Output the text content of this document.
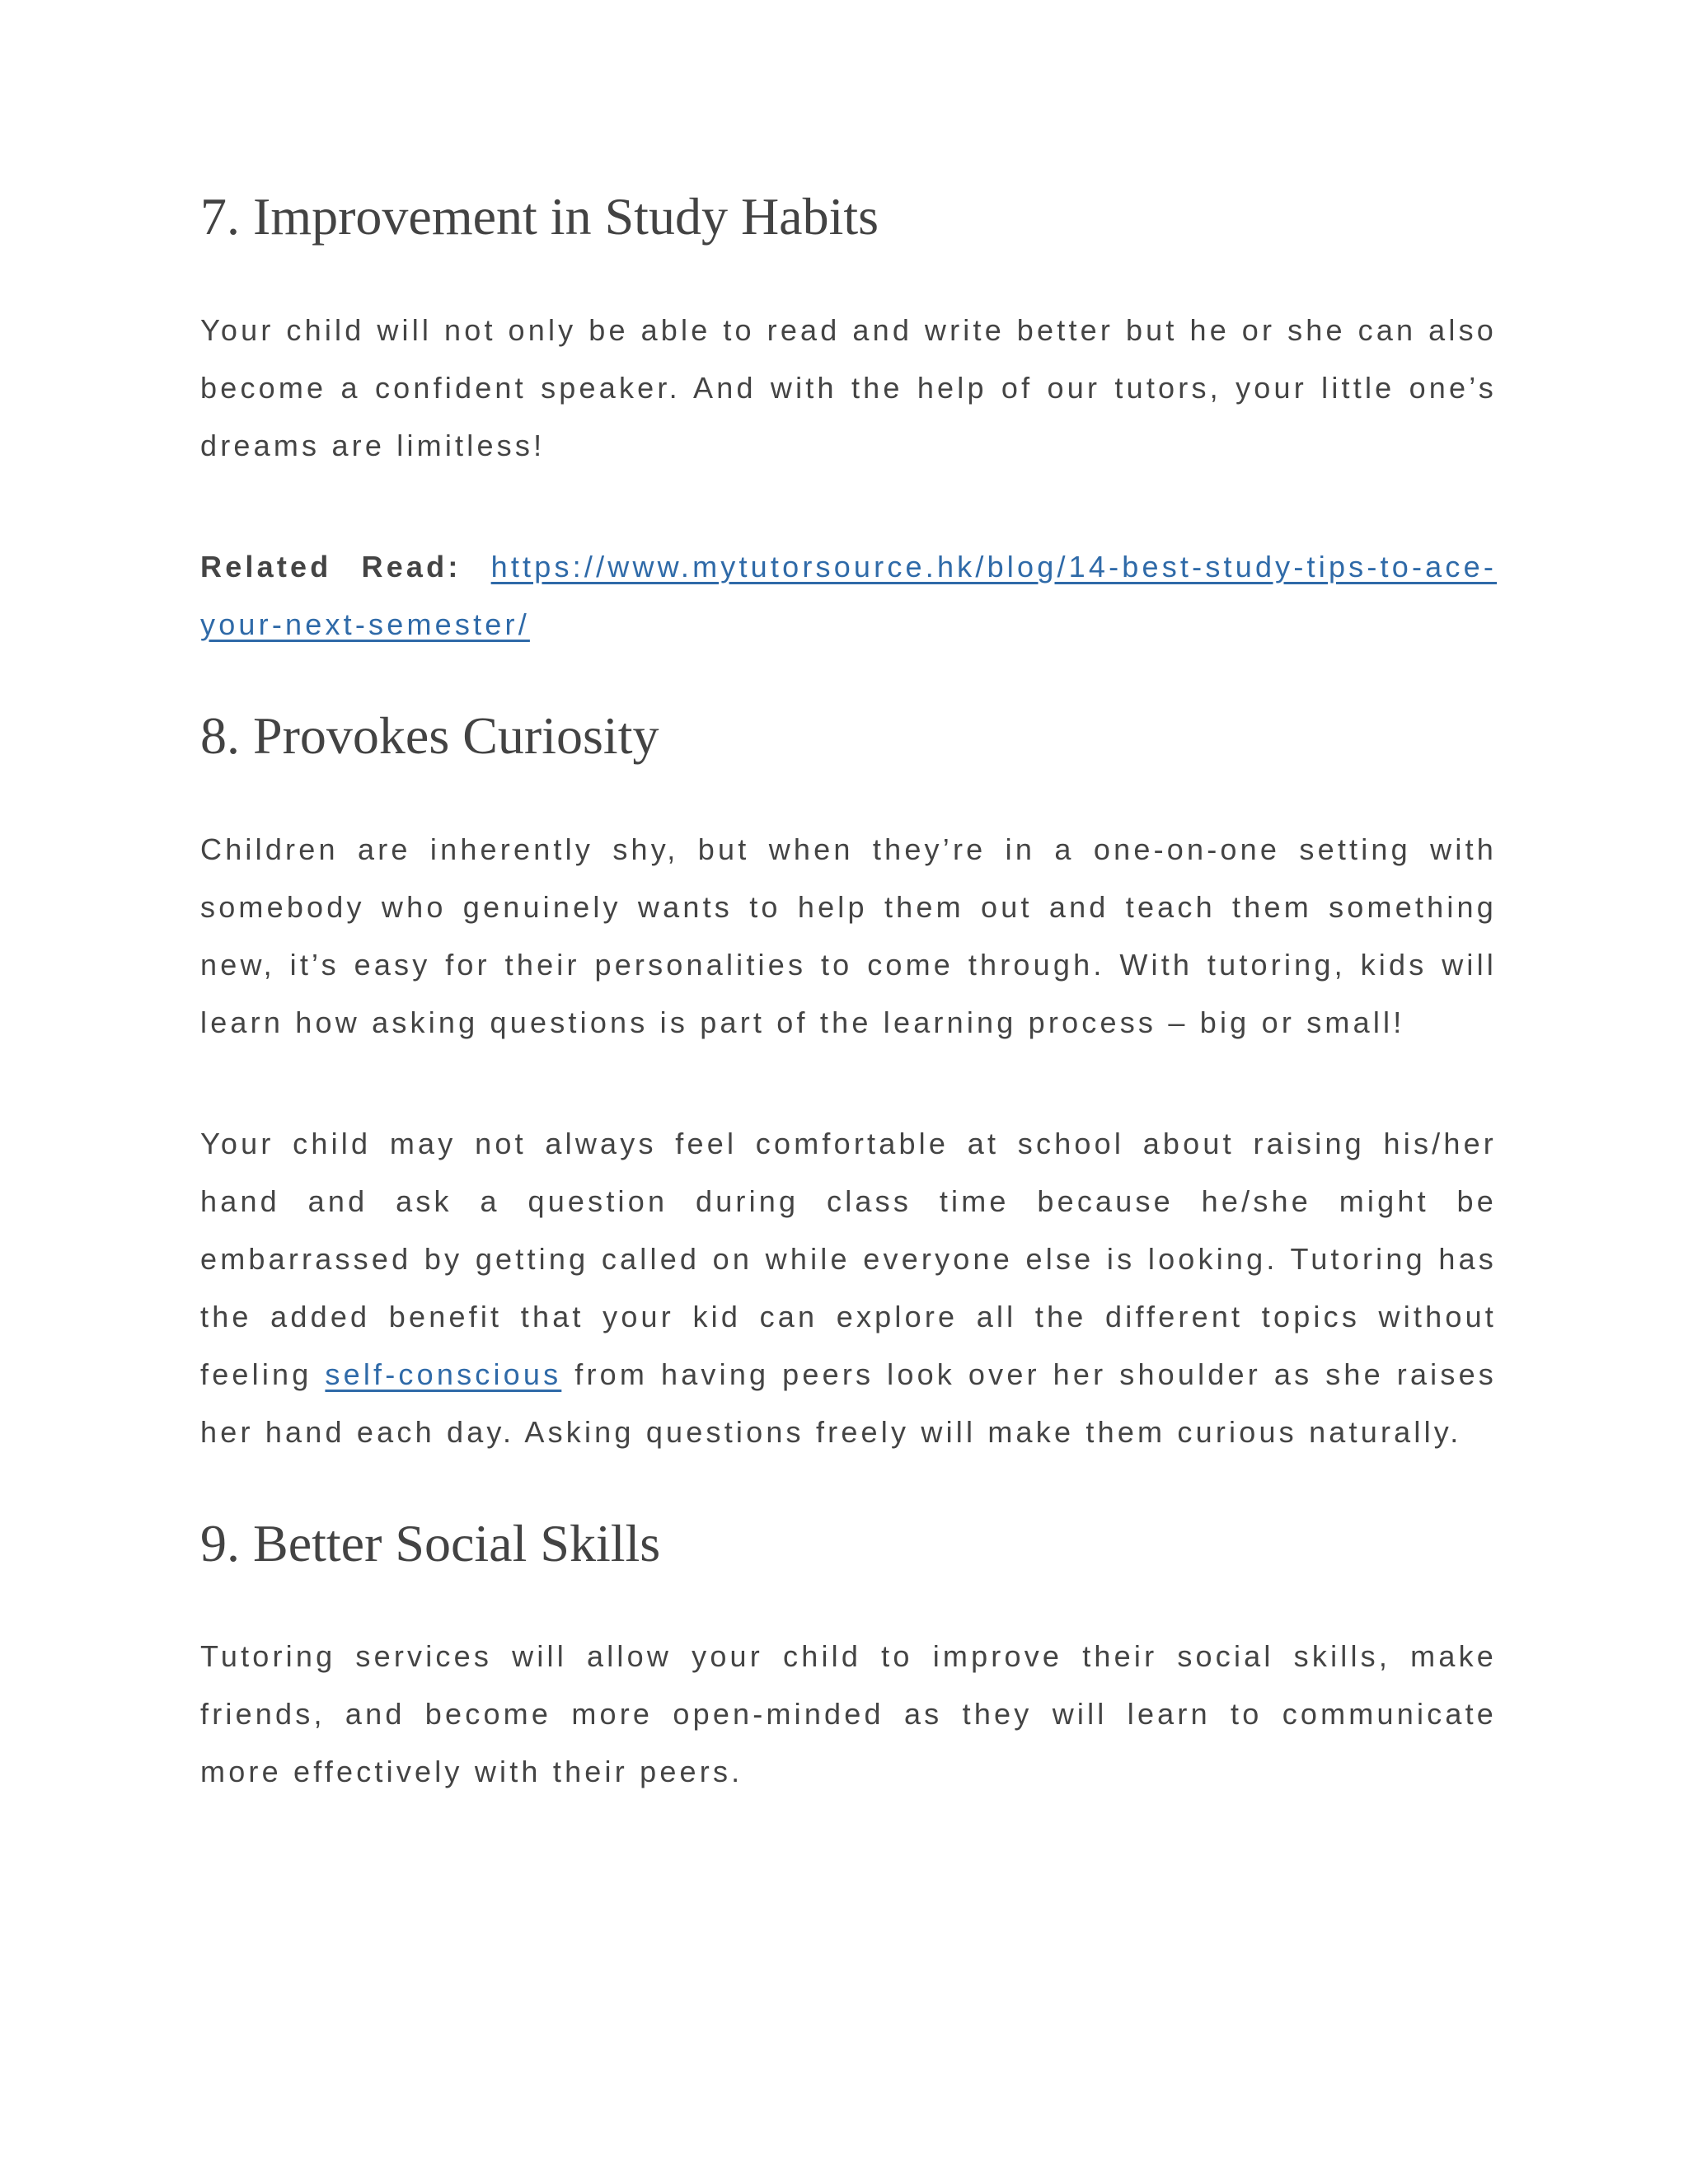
7. Improvement in Study Habits

Your child will not only be able to read and write better but he or she can also become a confident speaker. And with the help of our tutors, your little one’s dreams are limitless!

Related Read: https://www.mytutorsource.hk/blog/14-best-study-tips-to-ace-your-next-semester/

8. Provokes Curiosity

Children are inherently shy, but when they’re in a one-on-one setting with somebody who genuinely wants to help them out and teach them something new, it’s easy for their personalities to come through. With tutoring, kids will learn how asking questions is part of the learning process – big or small!

Your child may not always feel comfortable at school about raising his/her hand and ask a question during class time because he/she might be embarrassed by getting called on while everyone else is looking. Tutoring has the added benefit that your kid can explore all the different topics without feeling self-conscious from having peers look over her shoulder as she raises her hand each day. Asking questions freely will make them curious naturally.

9. Better Social Skills

Tutoring services will allow your child to improve their social skills, make friends, and become more open-minded as they will learn to communicate more effectively with their peers.
